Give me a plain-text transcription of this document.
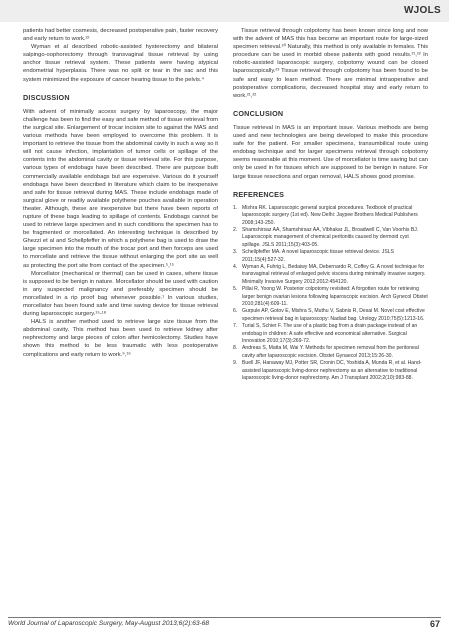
WJOLS

patients had better cosmesis, decreased postoperative pain, faster recovery and early return to work.²²

Wyman et al described robotic-assisted hysterectomy and bilateral salpingo-oophorectomy through transvaginal tissue retrieval by using anchor tissue retrieval system. These patients were having atypical endometrial hyperplasia. There was no split or tear in the sac and this system minimized the exposure of cancer hearing tissue to the pelvis.⁴

DISCUSSION

With advent of minimally access surgery by laparoscopy, the major challenge has been to find the easy and safe method of tissue retrieval from the surgical site. Enlargement of trocar incision site to against the MAS and various methods have been employed to overcome this problem. It is important to retrieve the tissue from the abdominal cavity in such a way so it will not cause infection, implantation of tumor cells or spillage of the contents into the abdominal cavity or tissue retrieval site. For this purpose, various types of endobags have been described. There are purpose built commercially available endobags but are expensive. Various do it yourself endobags have been described in literature which claim to be inexpensive and safe for tissue retrieval during MAS. These include endobags made of surgical glove or readily available polythene pouches available in operation theater. Although, these are inexpensive but there have been reports of rupture of these bags leading to spillage of contents. Endobags cannot be used to retrieve large specimen and in such conditions the specimen has to be fragmented or morcellated. An interesting technique is described by Ghezzi et al and Schellpfeffer in which a polythene bag is used to draw the large specimen into the mouth of the trocar port and then forceps are used to morcellate and retrieve the tissue without enlarging the port site as well as protecting the port site from contact of the specimen.⁵,¹⁵

Morcellator (mechanical or thermal) can be used in cases, where tissue is supposed to be benign in nature. Morcellator should be used with caution in any suspected malignancy and preferably specimen should be morcellated in a rip proof bag whenever possible.¹ In various studies, morcellator has been found safe and time saving device for tissue retrieval during laparoscopic surgery.¹⁵-¹⁸

HALS is another method used to retrieve large size tissue from the abdominal cavity. This method has been used to retrieve kidney after nephrectomy and large pieces of colon after hemicolectomy. Studies have shown this method to be less traumatic with less postoperative complications and early return to work.⁹,¹⁹

Tissue retrieval through colpotomy has been known since long and now with the advent of MAS this has become an important route for large-sized specimen retrieval.²⁰ Naturally, this method is only available in females. This procedure can be used in morbid obese patients with good results.²¹,²² In robotic-assisted laparoscopic surgery, colpotomy wound can be closed laparoscopically.²³ Tissue retrieval through colpotomy has been found to be safe and easy to learn method. There are minimal intraoperative and postoperative complications, decreased hospital stay and early return to work.²¹,²²

CONCLUSION

Tissue retrieval in MAS is an important issue. Various methods are being used and new technologies are being developed to make this procedure safe for the patient. For smaller specimens, transumbilical route using endobag technique and for larger specimens retrieval through colpotomy seems reasonable at this moment. Use of morcellator is time saving but can only be used in for tissues which are supposed to be benign in nature. For large tissue resections and organ removal, HALS shows good promise.

REFERENCES
1. Mishra RK. Laparoscopic general surgical procedures. Textbook of practical laparoscopic surgery (1st ed). New Delhi: Jaypee Brothers Medical Publishers 2008;143-250.
2. Shamshirsaz AA, Shamshirsaz AA, Vibhakar JL, Broadwell C, Van Voorhis BJ. Laparoscopic management of chemical peritonitis caused by dermoid cyst spillage. JSLS 2011;15(3):403-05.
3. Schellpfeffer MA. A novel laparoscopic tissue retrieval device. JSLS 2011;15(4):527-32.
4. Wyman A, Fuhrig L, Bedaiwy MA, Debernardo R, Coffey G. A novel technique for transvaginal retrieval of enlarged pelvic viscera during minimally invasive surgery. Minimally Invasive Surgery 2012;2012:454120.
5. Pillai R, Yoong W. Posterior colpotomy revisited: A forgotten route for retrieving larger benign ovarian lesions following laparoscopic excision. Arch Gynecol Obstet 2010;281(4):609-11.
6. Gurpule AP, Gotov E, Mishra S, Muthu V, Sabnis R, Desai M. Novel cost effective specimen retrieval bag in laparoscopy: Nadiad bag. Urology 2010;75(5):1213-16.
7. Turial S, Schier F. The use of a plastic bag from a drain package instead of an endobag in children: A safe effective and economical alternative. Surgical Innovation 2010;17(3):269-72.
8. Andreas S, Matta M, Wai Y. Methods for specimen removal from the peritoneal cavity after laparoscopic excision. Obstet Gynaecol 2013;15:26-30.
9. Buell JF, Hanaway MJ, Potter SR, Cronin DC, Yoshida A, Munda R, et al. Hand-assisted laparoscopic living-donor nephrectomy as an alternative to traditional laparoscopic living-donor nephrectomy. Am J Transplant 2002;2(10):983-88.
World Journal of Laparoscopic Surgery, May-August 2013;6(2):63-68	67
